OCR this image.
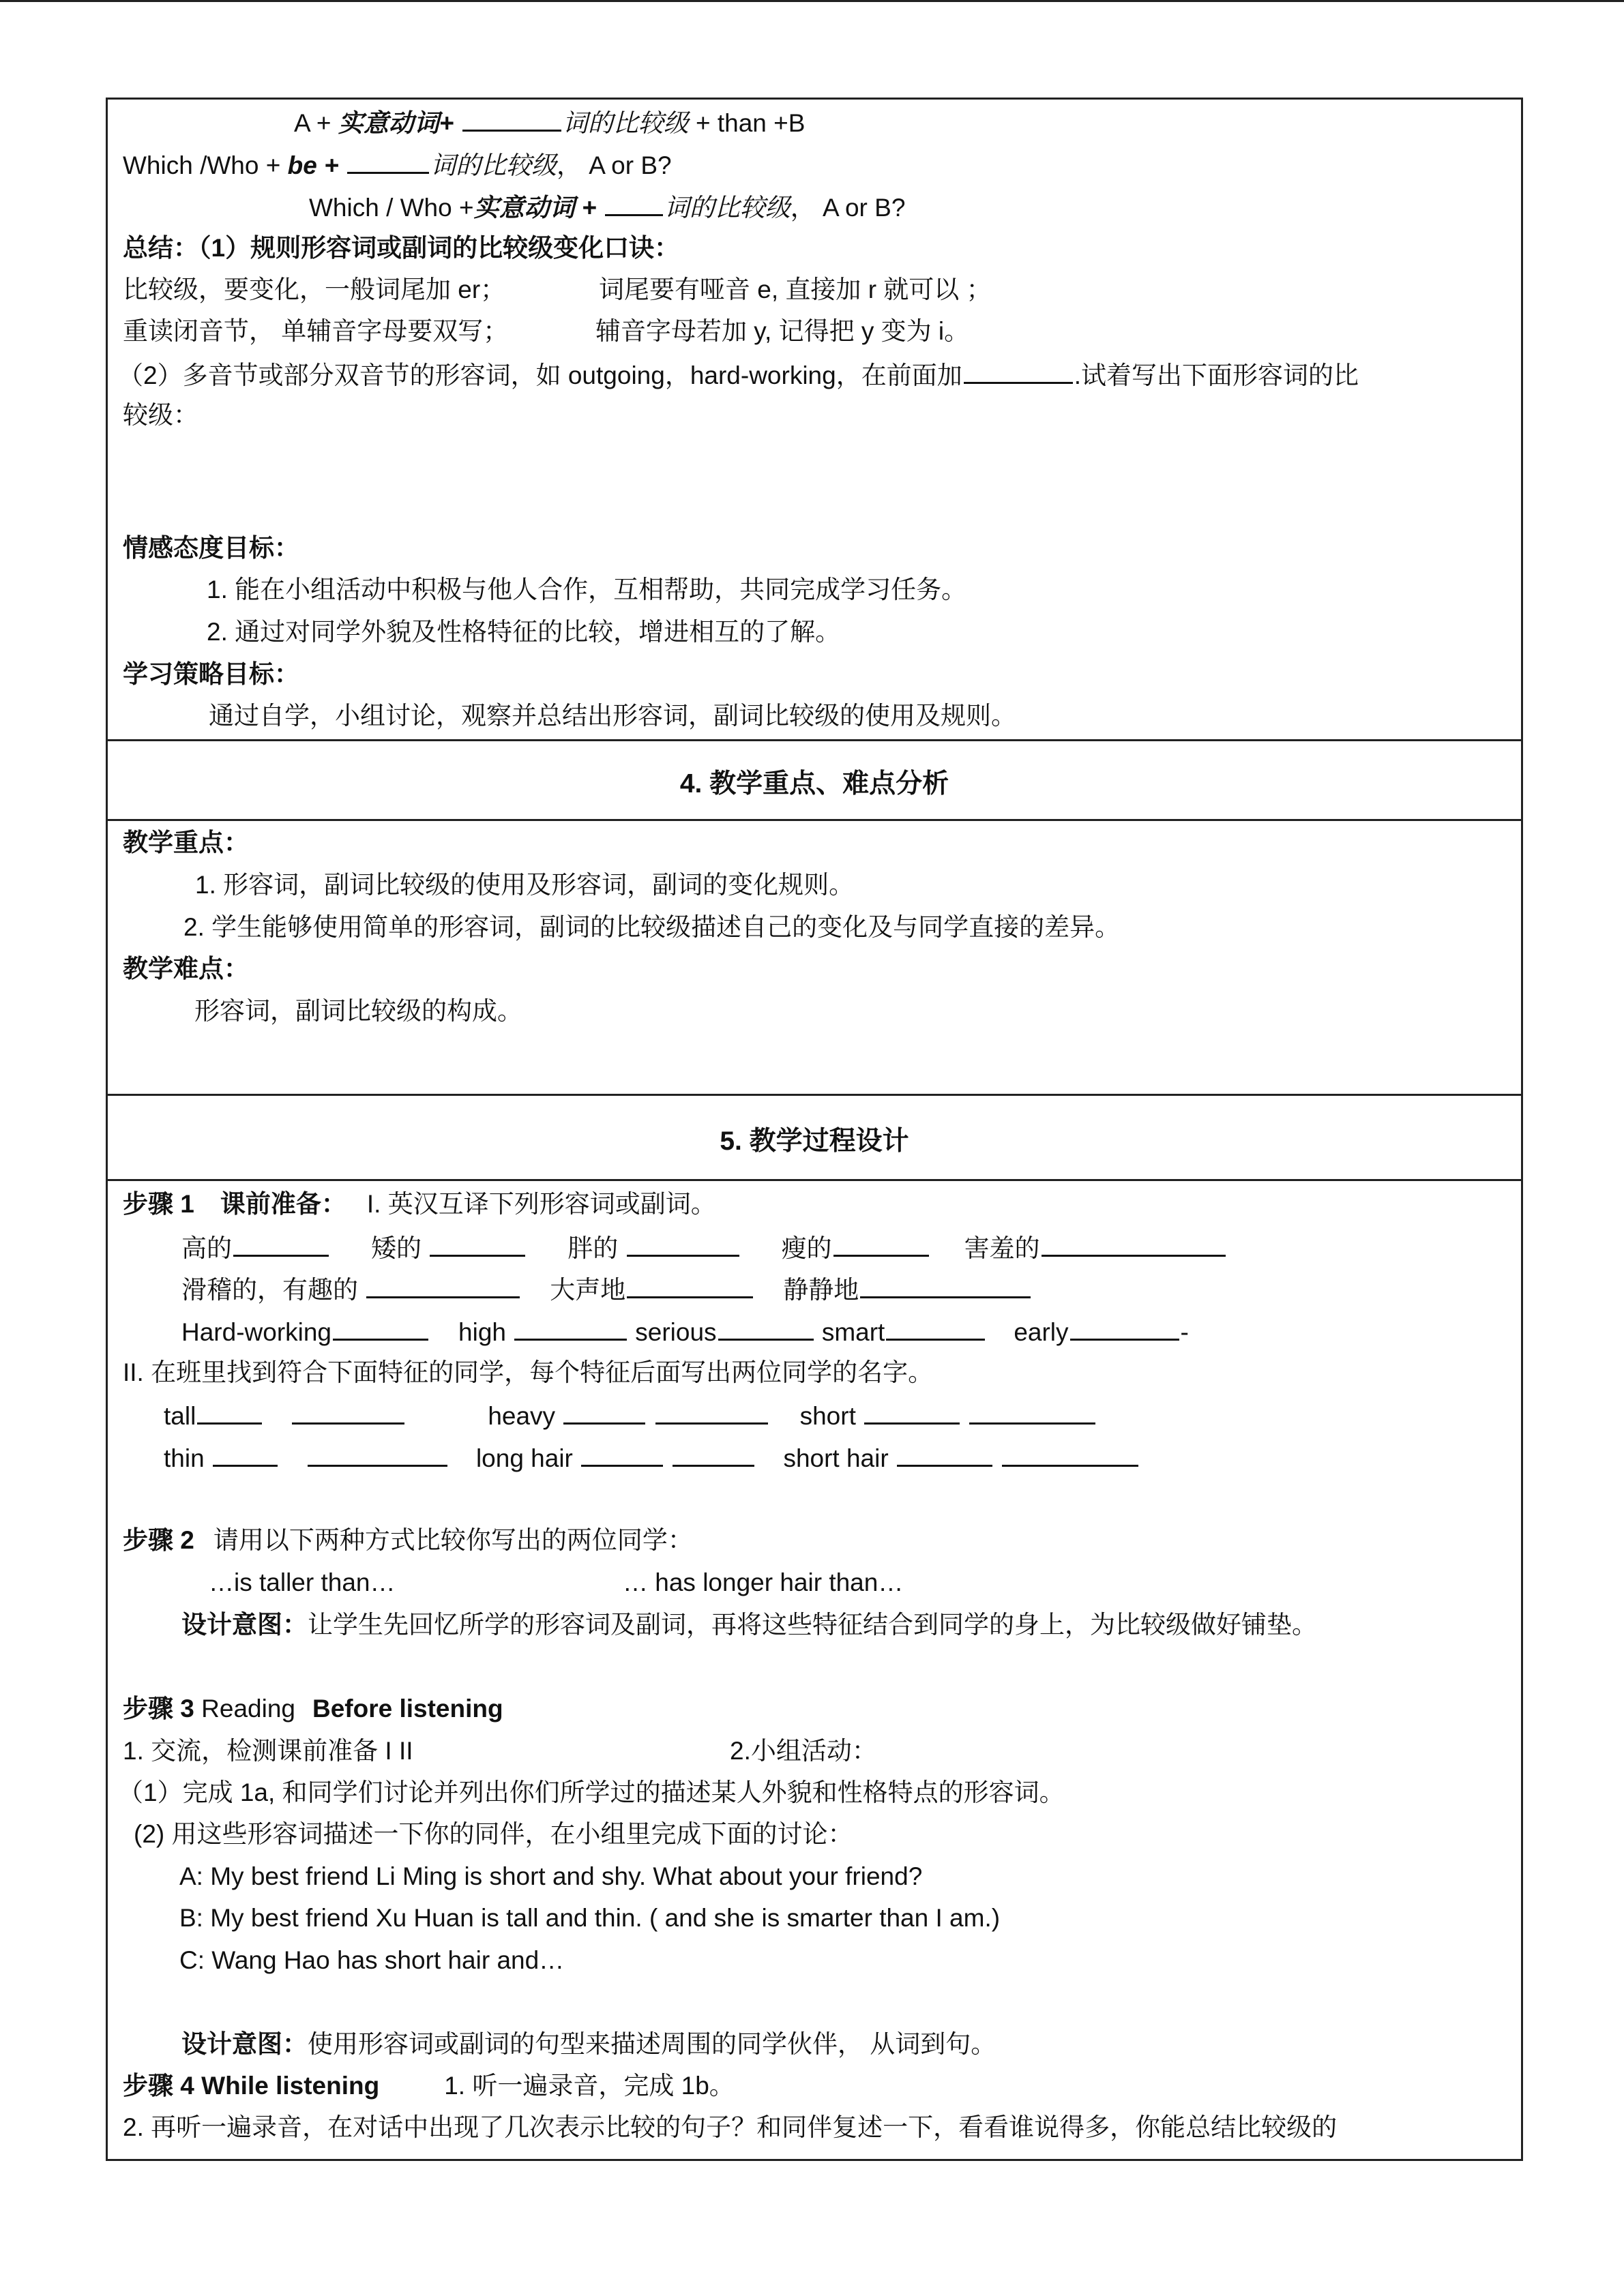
A + 实意动词+	词的比较级 + than +B
Which /Who + be +	词的比较级， A or B?
Which / Who +实意动词 + 词的比较级， A or B?
总结：（1）规则形容词或副词的比较级变化口诀：
比较级，要变化，一般词尾加 er；	词尾要有哑音 e, 直接加 r 就可以 ；
重读闭音节， 单辅音字母要双写；	辅音字母若加 y, 记得把 y 变为 i。
（2）多音节或部分双音节的形容词，如 outgoing，hard-working，在前面加	.试着写出下面形容词的比
较级：
情感态度目标：
1. 能在小组活动中积极与他人合作，互相帮助，共同完成学习任务。
2. 通过对同学外貌及性格特征的比较，增进相互的了解。
学习策略目标：
通过自学，小组讨论，观察并总结出形容词，副词比较级的使用及规则。
4. 教学重点、难点分析
教学重点：
1. 形容词，副词比较级的使用及形容词，副词的变化规则。
2. 学生能够使用简单的形容词，副词的比较级描述自己的变化及与同学直接的差异。
教学难点：
形容词，副词比较级的构成。
5. 教学过程设计
步骤 1 课前准备： I. 英汉互译下列形容词或副词。
高的	矮的	胖的	瘦的	害羞的
滑稽的，有趣的	大声地	静静地
Hard-working	high	serious	smart	early	-
II. 在班里找到符合下面特征的同学，每个特征后面写出两位同学的名字。
tall	heavy	short
thin	long hair	short hair
步骤 2 请用以下两种方式比较你写出的两位同学：
…is taller than…	… has longer hair than…
设计意图：让学生先回忆所学的形容词及副词，再将这些特征结合到同学的身上，为比较级做好铺垫。
步骤 3 Reading Before listening
1. 交流，检测课前准备 I II	2.小组活动：
（1）完成 1a, 和同学们讨论并列出你们所学过的描述某人外貌和性格特点的形容词。
(2) 用这些形容词描述一下你的同伴，在小组里完成下面的讨论：
A: My best friend Li Ming is short and shy. What about your friend?
B: My best friend Xu Huan is tall and thin. ( and she is smarter than I am.)
C: Wang Hao has short hair and…
设计意图：使用形容词或副词的句型来描述周围的同学伙伴， 从词到句。
步骤 4 While listening	1. 听一遍录音，完成 1b。
2. 再听一遍录音，在对话中出现了几次表示比较的句子？和同伴复述一下，看看谁说得多，你能总结比较级的
